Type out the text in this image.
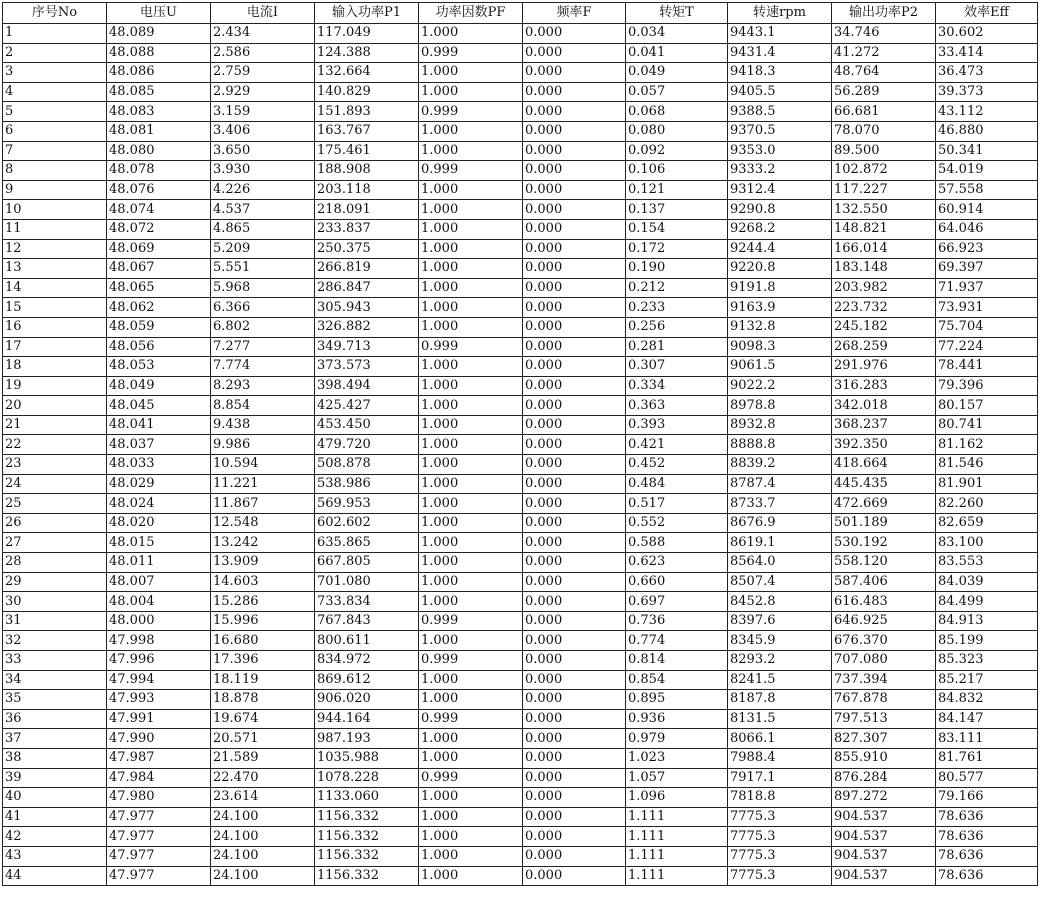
序号No	电压U	电流I	输入功率P1	功率因数PF	频率F	转矩T	转速rpm	输出功率P2	效率Eff
1	48.089	2.434	117.049	1.000	0.000	0.034	9443.1	34.746	30.602
2	48.088	2.586	124.388	0.999	0.000	0.041	9431.4	41.272	33.414
3	48.086	2.759	132.664	1.000	0.000	0.049	9418.3	48.764	36.473
4	48.085	2.929	140.829	1.000	0.000	0.057	9405.5	56.289	39.373
5	48.083	3.159	151.893	0.999	0.000	0.068	9388.5	66.681	43.112
6	48.081	3.406	163.767	1.000	0.000	0.080	9370.5	78.070	46.880
7	48.080	3.650	175.461	1.000	0.000	0.092	9353.0	89.500	50.341
8	48.078	3.930	188.908	0.999	0.000	0.106	9333.2	102.872	54.019
9	48.076	4.226	203.118	1.000	0.000	0.121	9312.4	117.227	57.558
10	48.074	4.537	218.091	1.000	0.000	0.137	9290.8	132.550	60.914
11	48.072	4.865	233.837	1.000	0.000	0.154	9268.2	148.821	64.046
12	48.069	5.209	250.375	1.000	0.000	0.172	9244.4	166.014	66.923
13	48.067	5.551	266.819	1.000	0.000	0.190	9220.8	183.148	69.397
14	48.065	5.968	286.847	1.000	0.000	0.212	9191.8	203.982	71.937
15	48.062	6.366	305.943	1.000	0.000	0.233	9163.9	223.732	73.931
16	48.059	6.802	326.882	1.000	0.000	0.256	9132.8	245.182	75.704
17	48.056	7.277	349.713	0.999	0.000	0.281	9098.3	268.259	77.224
18	48.053	7.774	373.573	1.000	0.000	0.307	9061.5	291.976	78.441
19	48.049	8.293	398.494	1.000	0.000	0.334	9022.2	316.283	79.396
20	48.045	8.854	425.427	1.000	0.000	0.363	8978.8	342.018	80.157
21	48.041	9.438	453.450	1.000	0.000	0.393	8932.8	368.237	80.741
22	48.037	9.986	479.720	1.000	0.000	0.421	8888.8	392.350	81.162
23	48.033	10.594	508.878	1.000	0.000	0.452	8839.2	418.664	81.546
24	48.029	11.221	538.986	1.000	0.000	0.484	8787.4	445.435	81.901
25	48.024	11.867	569.953	1.000	0.000	0.517	8733.7	472.669	82.260
26	48.020	12.548	602.602	1.000	0.000	0.552	8676.9	501.189	82.659
27	48.015	13.242	635.865	1.000	0.000	0.588	8619.1	530.192	83.100
28	48.011	13.909	667.805	1.000	0.000	0.623	8564.0	558.120	83.553
29	48.007	14.603	701.080	1.000	0.000	0.660	8507.4	587.406	84.039
30	48.004	15.286	733.834	1.000	0.000	0.697	8452.8	616.483	84.499
31	48.000	15.996	767.843	0.999	0.000	0.736	8397.6	646.925	84.913
32	47.998	16.680	800.611	1.000	0.000	0.774	8345.9	676.370	85.199
33	47.996	17.396	834.972	0.999	0.000	0.814	8293.2	707.080	85.323
34	47.994	18.119	869.612	1.000	0.000	0.854	8241.5	737.394	85.217
35	47.993	18.878	906.020	1.000	0.000	0.895	8187.8	767.878	84.832
36	47.991	19.674	944.164	0.999	0.000	0.936	8131.5	797.513	84.147
37	47.990	20.571	987.193	1.000	0.000	0.979	8066.1	827.307	83.111
38	47.987	21.589	1035.988	1.000	0.000	1.023	7988.4	855.910	81.761
39	47.984	22.470	1078.228	0.999	0.000	1.057	7917.1	876.284	80.577
40	47.980	23.614	1133.060	1.000	0.000	1.096	7818.8	897.272	79.166
41	47.977	24.100	1156.332	1.000	0.000	1.111	7775.3	904.537	78.636
42	47.977	24.100	1156.332	1.000	0.000	1.111	7775.3	904.537	78.636
43	47.977	24.100	1156.332	1.000	0.000	1.111	7775.3	904.537	78.636
44	47.977	24.100	1156.332	1.000	0.000	1.111	7775.3	904.537	78.636
